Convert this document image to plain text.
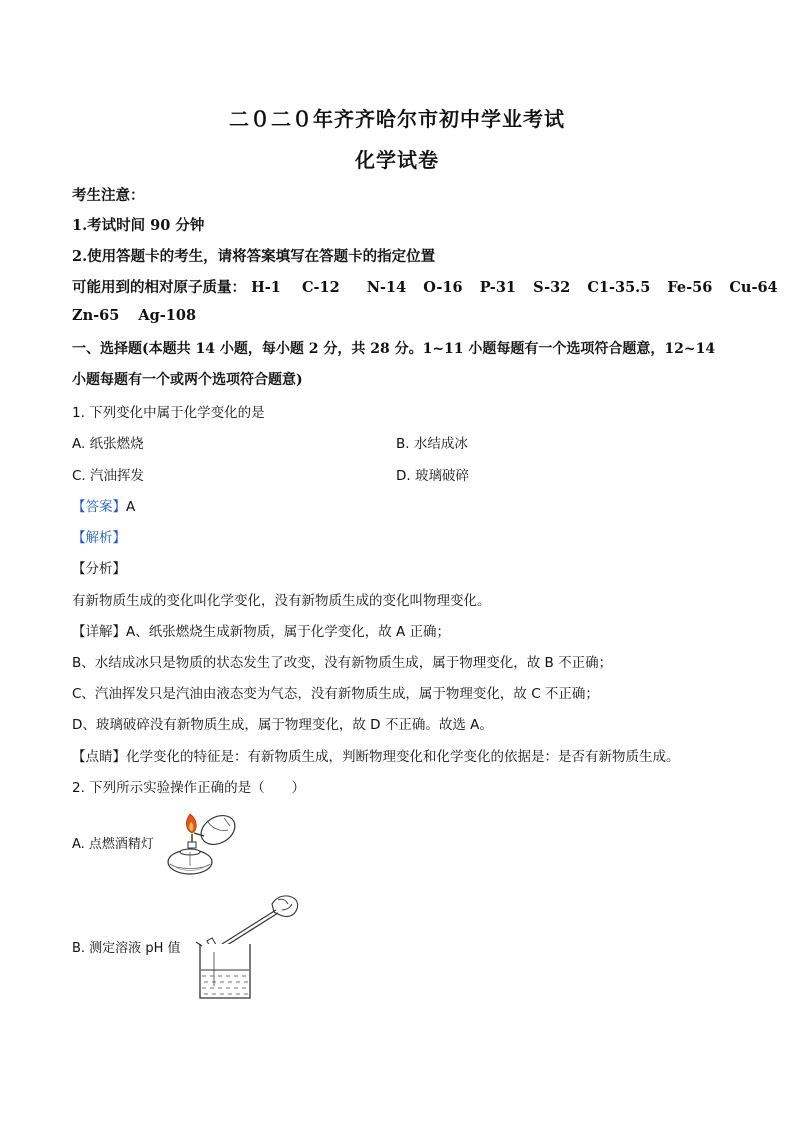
二０二０年齐齐哈尔市初中学业考试
化学试卷
考生注意：
1.考试时间 90 分钟
2.使用答题卡的考生，请将答案填写在答题卡的指定位置
可能用到的相对原子质量： H-1 C-12 N-14 O-16 P-31 S-32 C1-35.5 Fe-56 Cu-64
Zn-65 Ag-108
一、选择题(本题共 14 小题，每小题 2 分，共 28 分。1~11 小题每题有一个选项符合题意，12~14
小题每题有一个或两个选项符合题意)
1. 下列变化中属于化学变化的是
A. 纸张燃烧	B. 水结成冰
C. 汽油挥发	D. 玻璃破碎
【答案】A
【解析】
【分析】
有新物质生成的变化叫化学变化，没有新物质生成的变化叫物理变化。
【详解】A、纸张燃烧生成新物质，属于化学变化，故 A 正确；
B、水结成冰只是物质的状态发生了改变，没有新物质生成，属于物理变化，故 B 不正确；
C、汽油挥发只是汽油由液态变为气态，没有新物质生成，属于物理变化，故 C 不正确；
D、玻璃破碎没有新物质生成，属于物理变化，故 D 不正确。故选 A。
【点睛】化学变化的特征是：有新物质生成，判断物理变化和化学变化的依据是：是否有新物质生成。
2. 下列所示实验操作正确的是（　　）
A. 点燃酒精灯
B. 测定溶液 pH 值
